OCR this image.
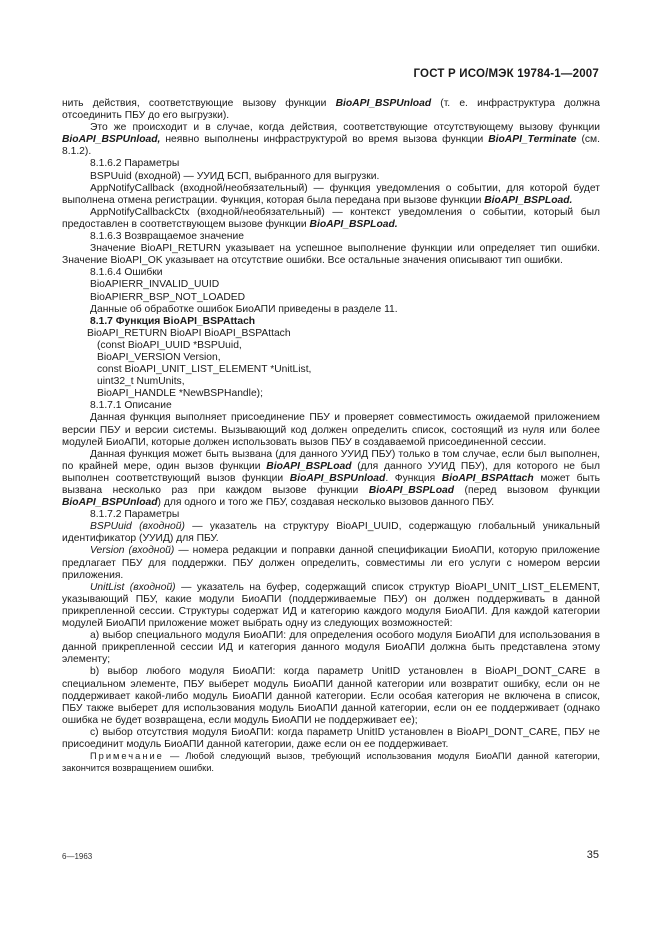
ГОСТ Р ИСО/МЭК 19784-1—2007

нить действия, соответствующие вызову функции BioAPI_BSPUnload (т. е. инфраструктура должна отсоединить ПБУ до его выгрузки).

Это же происходит и в случае, когда действия, соответствующие отсутствующему вызову функции BioAPI_BSPUnload, неявно выполнены инфраструктурой во время вызова функции BioAPI_Terminate (см. 8.1.2).

8.1.6.2 Параметры

BSPUuid (входной) — УУИД БСП, выбранного для выгрузки.

AppNotifyCallback (входной/необязательный) — функция уведомления о событии, для которой будет выполнена отмена регистрации. Функция, которая была передана при вызове функции BioAPI_BSPLoad.

AppNotifyCallbackCtx (входной/необязательный) — контекст уведомления о событии, который был предоставлен в соответствующем вызове функции BioAPI_BSPLoad.

8.1.6.3 Возвращаемое значение

Значение BioAPI_RETURN указывает на успешное выполнение функции или определяет тип ошибки. Значение BioAPI_OK указывает на отсутствие ошибки. Все остальные значения описывают тип ошибки.

8.1.6.4 Ошибки

BioAPIERR_INVALID_UUID

BioAPIERR_BSP_NOT_LOADED

Данные об обработке ошибок БиоАПИ приведены в разделе 11.

8.1.7 Функция BioAPI_BSPAttach

BioAPI_RETURN BioAPI BioAPI_BSPAttach

(const BioAPI_UUID *BSPUuid,

BioAPI_VERSION Version,

const BioAPI_UNIT_LIST_ELEMENT *UnitList,

uint32_t NumUnits,

BioAPI_HANDLE *NewBSPHandle);

8.1.7.1 Описание

Данная функция выполняет присоединение ПБУ и проверяет совместимость ожидаемой приложением версии ПБУ и версии системы. Вызывающий код должен определить список, состоящий из нуля или более модулей БиоАПИ, которые должен использовать вызов ПБУ в создаваемой присоединенной сессии.

Данная функция может быть вызвана (для данного УУИД ПБУ) только в том случае, если был выполнен, по крайней мере, один вызов функции BioAPI_BSPLoad (для данного УУИД ПБУ), для которого не был выполнен соответствующий вызов функции BioAPI_BSPUnload. Функция BioAPI_BSPAttach может быть вызвана несколько раз при каждом вызове функции BioAPI_BSPLoad (перед вызовом функции BioAPI_BSPUnload) для одного и того же ПБУ, создавая несколько вызовов данного ПБУ.

8.1.7.2 Параметры

BSPUuid (входной) — указатель на структуру BioAPI_UUID, содержащую глобальный уникальный идентификатор (УУИД) для ПБУ.

Version (входной) — номера редакции и поправки данной спецификации БиоАПИ, которую приложение предлагает ПБУ для поддержки. ПБУ должен определить, совместимы ли его услуги с номером версии приложения.

UnitList (входной) — указатель на буфер, содержащий список структур BioAPI_UNIT_LIST_ELEMENT, указывающий ПБУ, какие модули БиоАПИ (поддерживаемые ПБУ) он должен поддерживать в данной прикрепленной сессии. Структуры содержат ИД и категорию каждого модуля БиоАПИ. Для каждой категории модулей БиоАПИ приложение может выбрать одну из следующих возможностей:

а) выбор специального модуля БиоАПИ: для определения особого модуля БиоАПИ для использования в данной прикрепленной сессии ИД и категория данного модуля БиоАПИ должна быть представлена этому элементу;

b) выбор любого модуля БиоАПИ: когда параметр UnitID установлен в BioAPI_DONT_CARE в специальном элементе, ПБУ выберет модуль БиоАПИ данной категории или возвратит ошибку, если он не поддерживает какой-либо модуль БиоАПИ данной категории. Если особая категория не включена в список, ПБУ также выберет для использования модуль БиоАПИ данной категории, если он ее поддерживает (однако ошибка не будет возвращена, если модуль БиоАПИ не поддерживает ее);

c) выбор отсутствия модуля БиоАПИ: когда параметр UnitID установлен в BioAPI_DONT_CARE, ПБУ не присоединит модуль БиоАПИ данной категории, даже если он ее поддерживает.

Примечание — Любой следующий вызов, требующий использования модуля БиоАПИ данной категории, закончится возвращением ошибки.

6—1963	35
